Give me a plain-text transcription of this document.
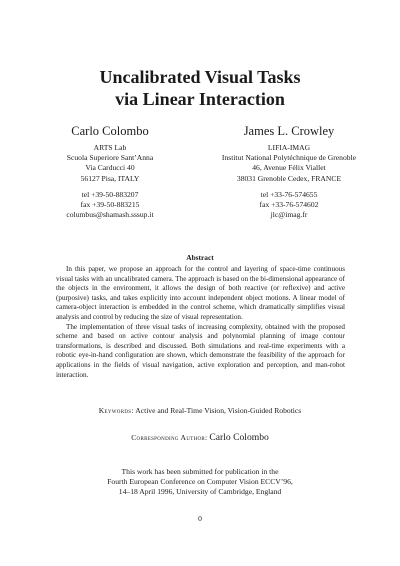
Uncalibrated Visual Tasks
via Linear Interaction
Carlo Colombo
ARTS Lab
Scuola Superiore Sant’Anna
Via Carducci 40
56127 Pisa, ITALY
tel +39-50-883207
fax +39-50-883215
columbus@shamash.sssup.it
James L. Crowley
LIFIA-IMAG
Institut National Polytéchnique de Grenoble
46, Avenue Félix Viallet
38031 Grenoble Cedex, FRANCE
tel +33-76-574655
fax +33-76-574602
jlc@imag.fr
Abstract

In this paper, we propose an approach for the control and layering of space-time continuous visual tasks with an uncalibrated camera. The approach is based on the bi-dimensional appearance of the objects in the environment, it allows the design of both reactive (or reflexive) and active (purposive) tasks, and takes explicitly into account independent object motions. A linear model of camera-object interaction is embedded in the control scheme, which dramatically simplifies visual analysis and control by reducing the size of visual representation.

The implementation of three visual tasks of increasing complexity, obtained with the proposed scheme and based on active contour analysis and polynomial planning of image contour transformations, is described and discussed. Both simulations and real-time experiments with a robotic eye-in-hand configuration are shown, which demonstrate the feasibility of the approach for applications in the fields of visual navigation, active exploration and perception, and man-robot interaction.

Keywords: Active and Real-Time Vision, Vision-Guided Robotics
Corresponding Author: Carlo Colombo
This work has been submitted for publication in the
Fourth European Conference on Computer Vision ECCV’96,
14–18 April 1996, University of Cambridge, England
0
